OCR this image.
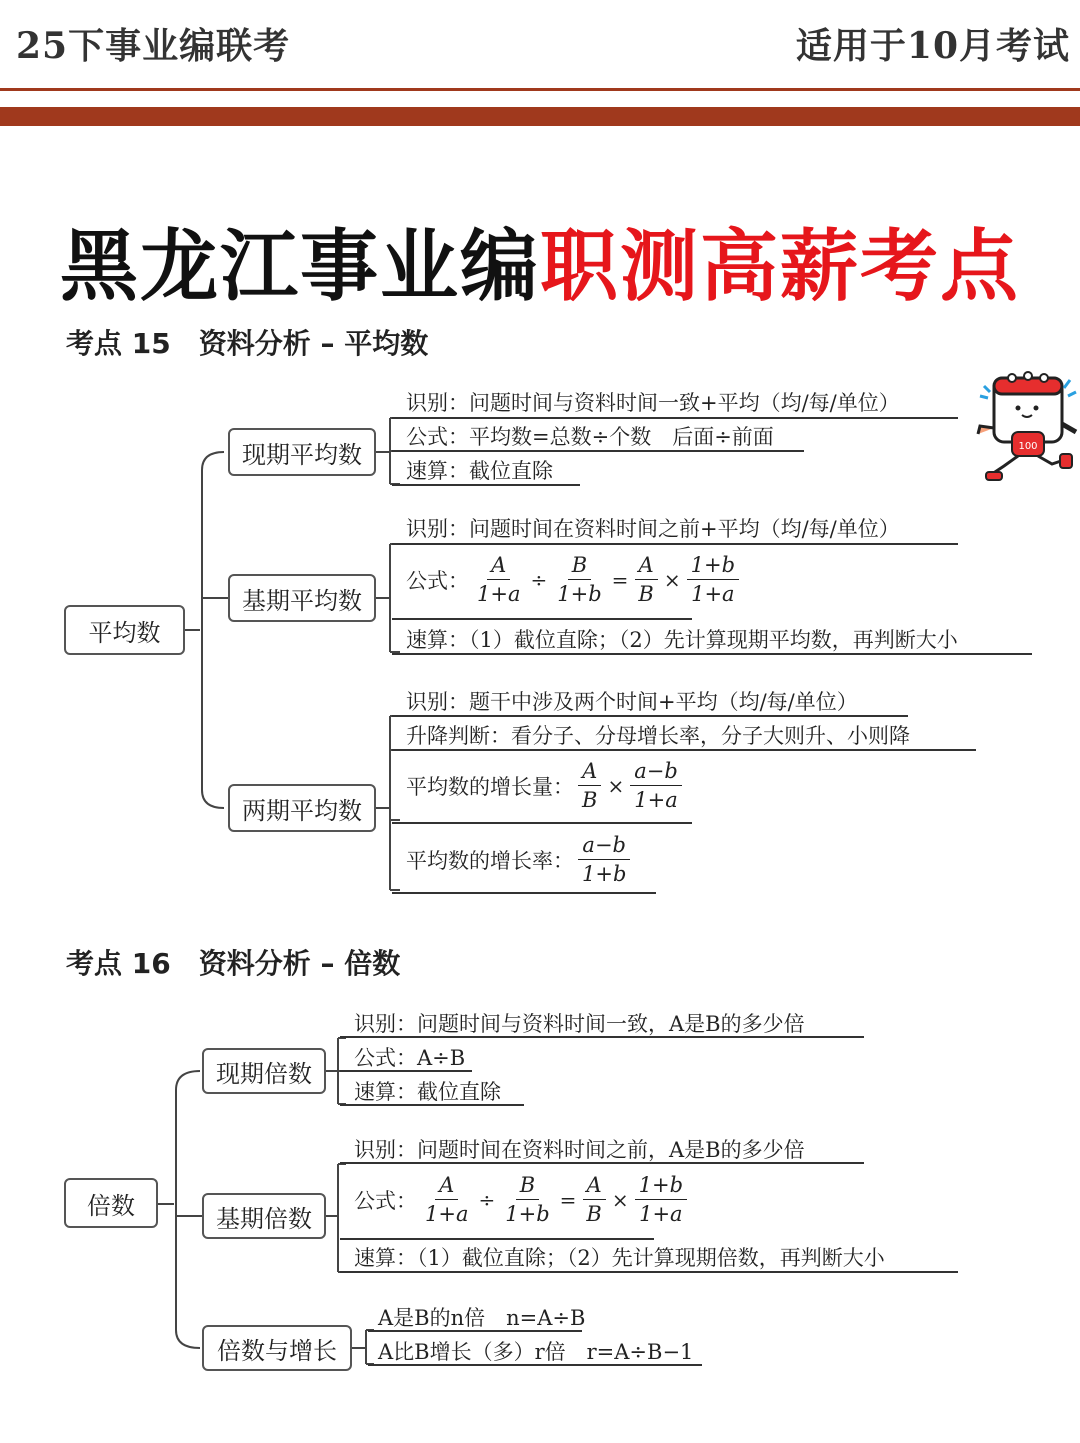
25下事业编联考	适用于10月考试
黑龙江事业编职测高薪考点
100
考点 15　资料分析 – 平均数
平均数
现期平均数
基期平均数
两期平均数
识别：问题时间与资料时间一致+平均（均/每/单位）
公式：平均数=总数÷个数　后面÷前面
速算：截位直除
识别：问题时间在资料时间之前+平均（均/每/单位）
公式： $\frac{A}{1+a} \div \frac{B}{1+b} = \frac{A}{B} \times \frac{1+b}{1+a}$
速算：（1）截位直除；（2）先计算现期平均数，再判断大小
识别：题干中涉及两个时间+平均（均/每/单位）
升降判断：看分子、分母增长率，分子大则升、小则降
平均数的增长量： $\frac{A}{B} \times \frac{a-b}{1+a}$
平均数的增长率： $\frac{a-b}{1+b}$
考点 16　资料分析 – 倍数
倍数
现期倍数
基期倍数
倍数与增长
识别：问题时间与资料时间一致，A是B的多少倍
公式：A÷B
速算：截位直除
识别：问题时间在资料时间之前，A是B的多少倍
公式： $\frac{A}{1+a} \div \frac{B}{1+b} = \frac{A}{B} \times \frac{1+b}{1+a}$
速算：（1）截位直除；（2）先计算现期倍数，再判断大小
A是B的n倍　n=A÷B
A比B增长（多）r倍　r=A÷B−1
